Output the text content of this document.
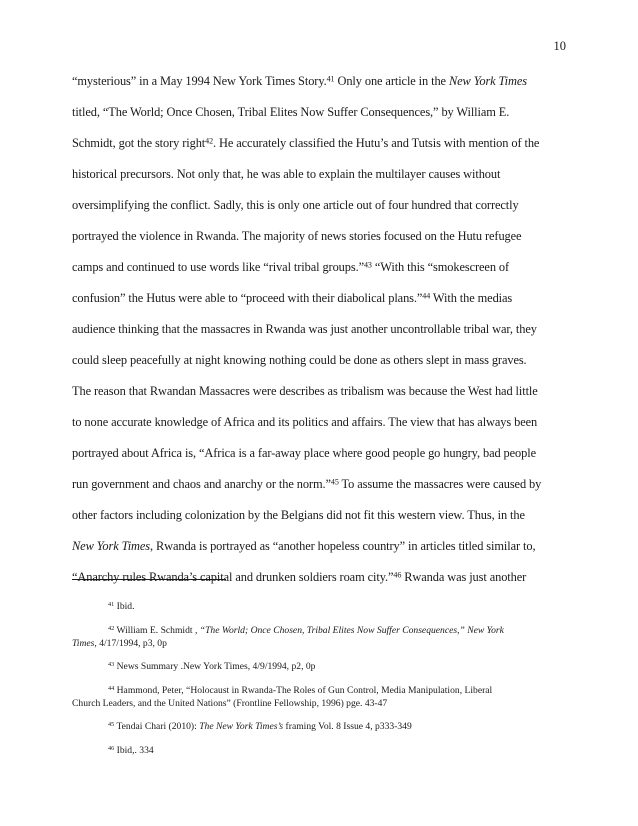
10
“mysterious” in a May 1994 New York Times Story.$^{41}$ Only one article in the New York Times
titled, “The World; Once Chosen, Tribal Elites Now Suffer Consequences,” by William E.
Schmidt, got the story right$^{42}$. He accurately classified the Hutu’s and Tutsis with mention of the
historical precursors. Not only that, he was able to explain the multilayer causes without
oversimplifying the conflict. Sadly, this is only one article out of four hundred that correctly
portrayed the violence in Rwanda. The majority of news stories focused on the Hutu refugee
camps and continued to use words like “rival tribal groups.”$^{43}$ “With this “smokescreen of
confusion” the Hutus were able to “proceed with their diabolical plans.”$^{44}$ With the medias
audience thinking that the massacres in Rwanda was just another uncontrollable tribal war, they
could sleep peacefully at night knowing nothing could be done as others slept in mass graves.
The reason that Rwandan Massacres were describes as tribalism was because the West had little
to none accurate knowledge of Africa and its politics and affairs. The view that has always been
portrayed about Africa is, “Africa is a far-away place where good people go hungry, bad people
run government and chaos and anarchy or the norm.”$^{45}$ To assume the massacres were caused by
other factors including colonization by the Belgians did not fit this western view. Thus, in the
New York Times, Rwanda is portrayed as “another hopeless country” in articles titled similar to,
“Anarchy rules Rwanda’s capital and drunken soldiers roam city.”$^{46}$ Rwanda was just another
$^{41}$ Ibid.
$^{42}$ William E. Schmidt , “The World; Once Chosen, Tribal Elites Now Suffer Consequences,” New York
Times, 4/17/1994, p3, 0p
$^{43}$ News Summary .New York Times, 4/9/1994, p2, 0p
$^{44}$ Hammond, Peter, “Holocaust in Rwanda-The Roles of Gun Control, Media Manipulation, Liberal
Church Leaders, and the United Nations” (Frontline Fellowship, 1996) pge. 43-47
$^{45}$ Tendai Chari (2010): The New York Times’s framing Vol. 8 Issue 4, p333-349
$^{46}$ Ibid,. 334
